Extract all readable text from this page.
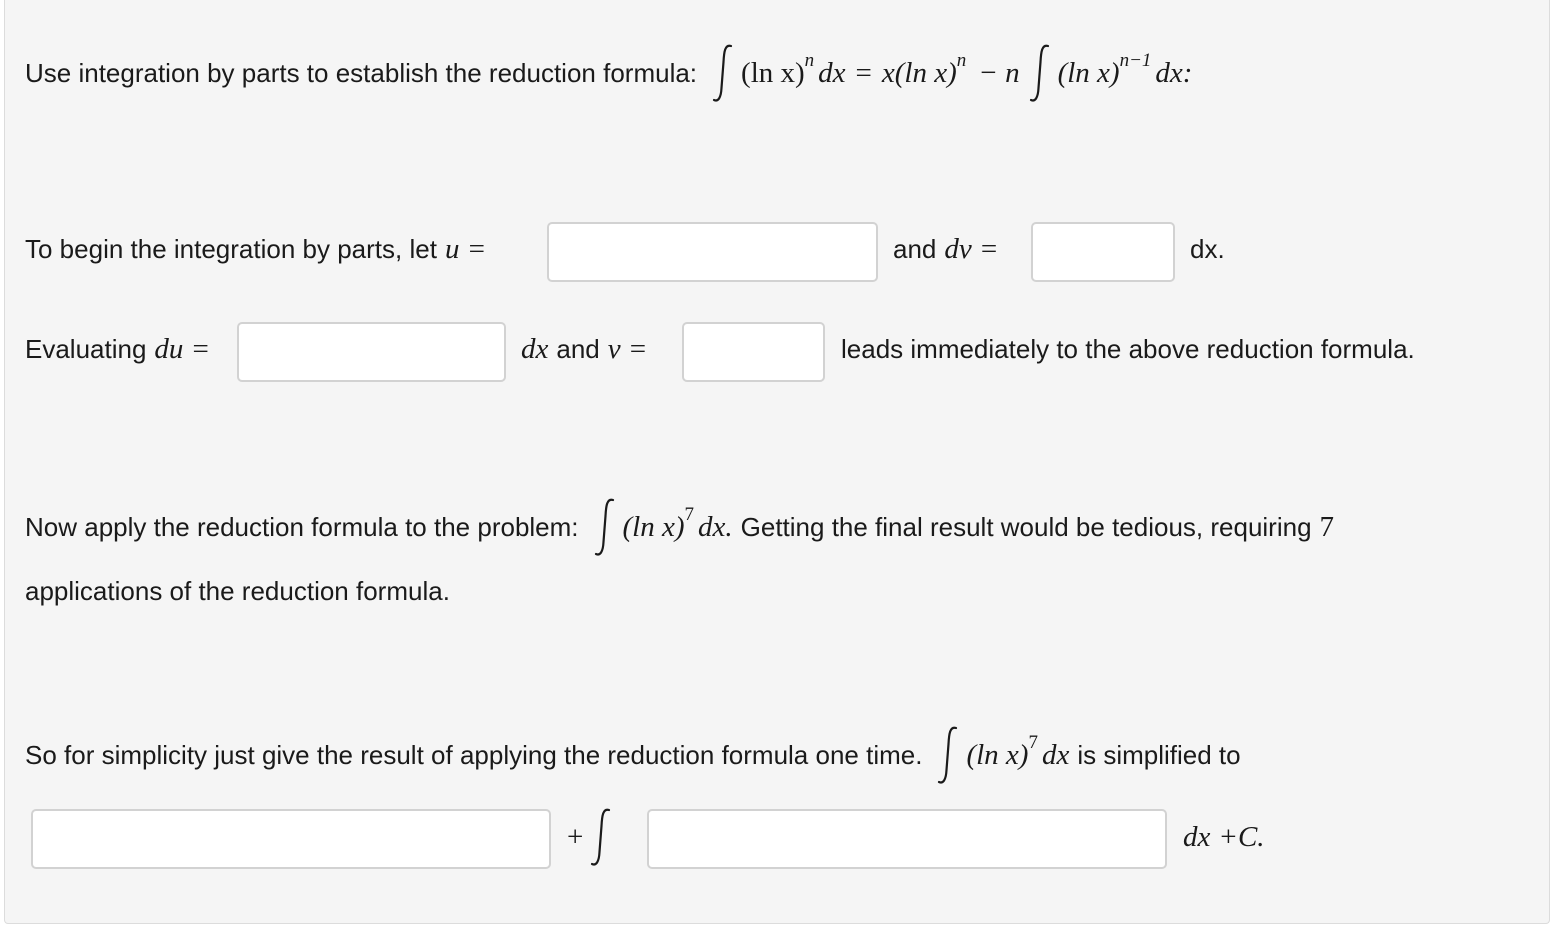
Use integration by parts to establish the reduction formula: (ln x) n dx = x(ln x) n − n (ln x) n−1 dx:
To begin the integration by parts, let u =	and dv =	dx.
Evaluating du =	dx and v =	leads immediately to the above reduction formula.
Now apply the reduction formula to the problem: (ln x) 7 dx. Getting the final result would be tedious, requiring 7
applications of the reduction formula.
So for simplicity just give the result of applying the reduction formula one time. (ln x) 7 dx is simplified to
+	dx +C.
